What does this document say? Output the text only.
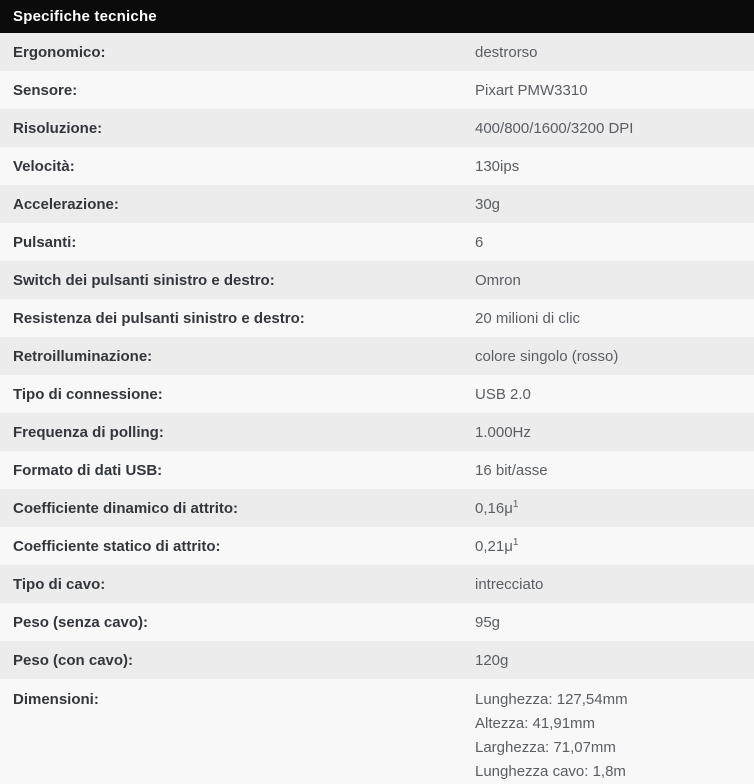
Specifiche tecniche
Ergonomico:	destrorso
Sensore:	Pixart PMW3310
Risoluzione:	400/800/1600/3200 DPI
Velocità:	130ips
Accelerazione:	30g
Pulsanti:	6
Switch dei pulsanti sinistro e destro:	Omron
Resistenza dei pulsanti sinistro e destro:	20 milioni di clic
Retroilluminazione:	colore singolo (rosso)
Tipo di connessione:	USB 2.0
Frequenza di polling:	1.000Hz
Formato di dati USB:	16 bit/asse
Coefficiente dinamico di attrito:	$0,16\mu^1$
Coefficiente statico di attrito:	$0,21\mu^1$
Tipo di cavo:	intrecciato
Peso (senza cavo):	95g
Peso (con cavo):	120g
Dimensioni:	Lunghezza: 127,54mm
Altezza: 41,91mm
Larghezza: 71,07mm
Lunghezza cavo: 1,8m
